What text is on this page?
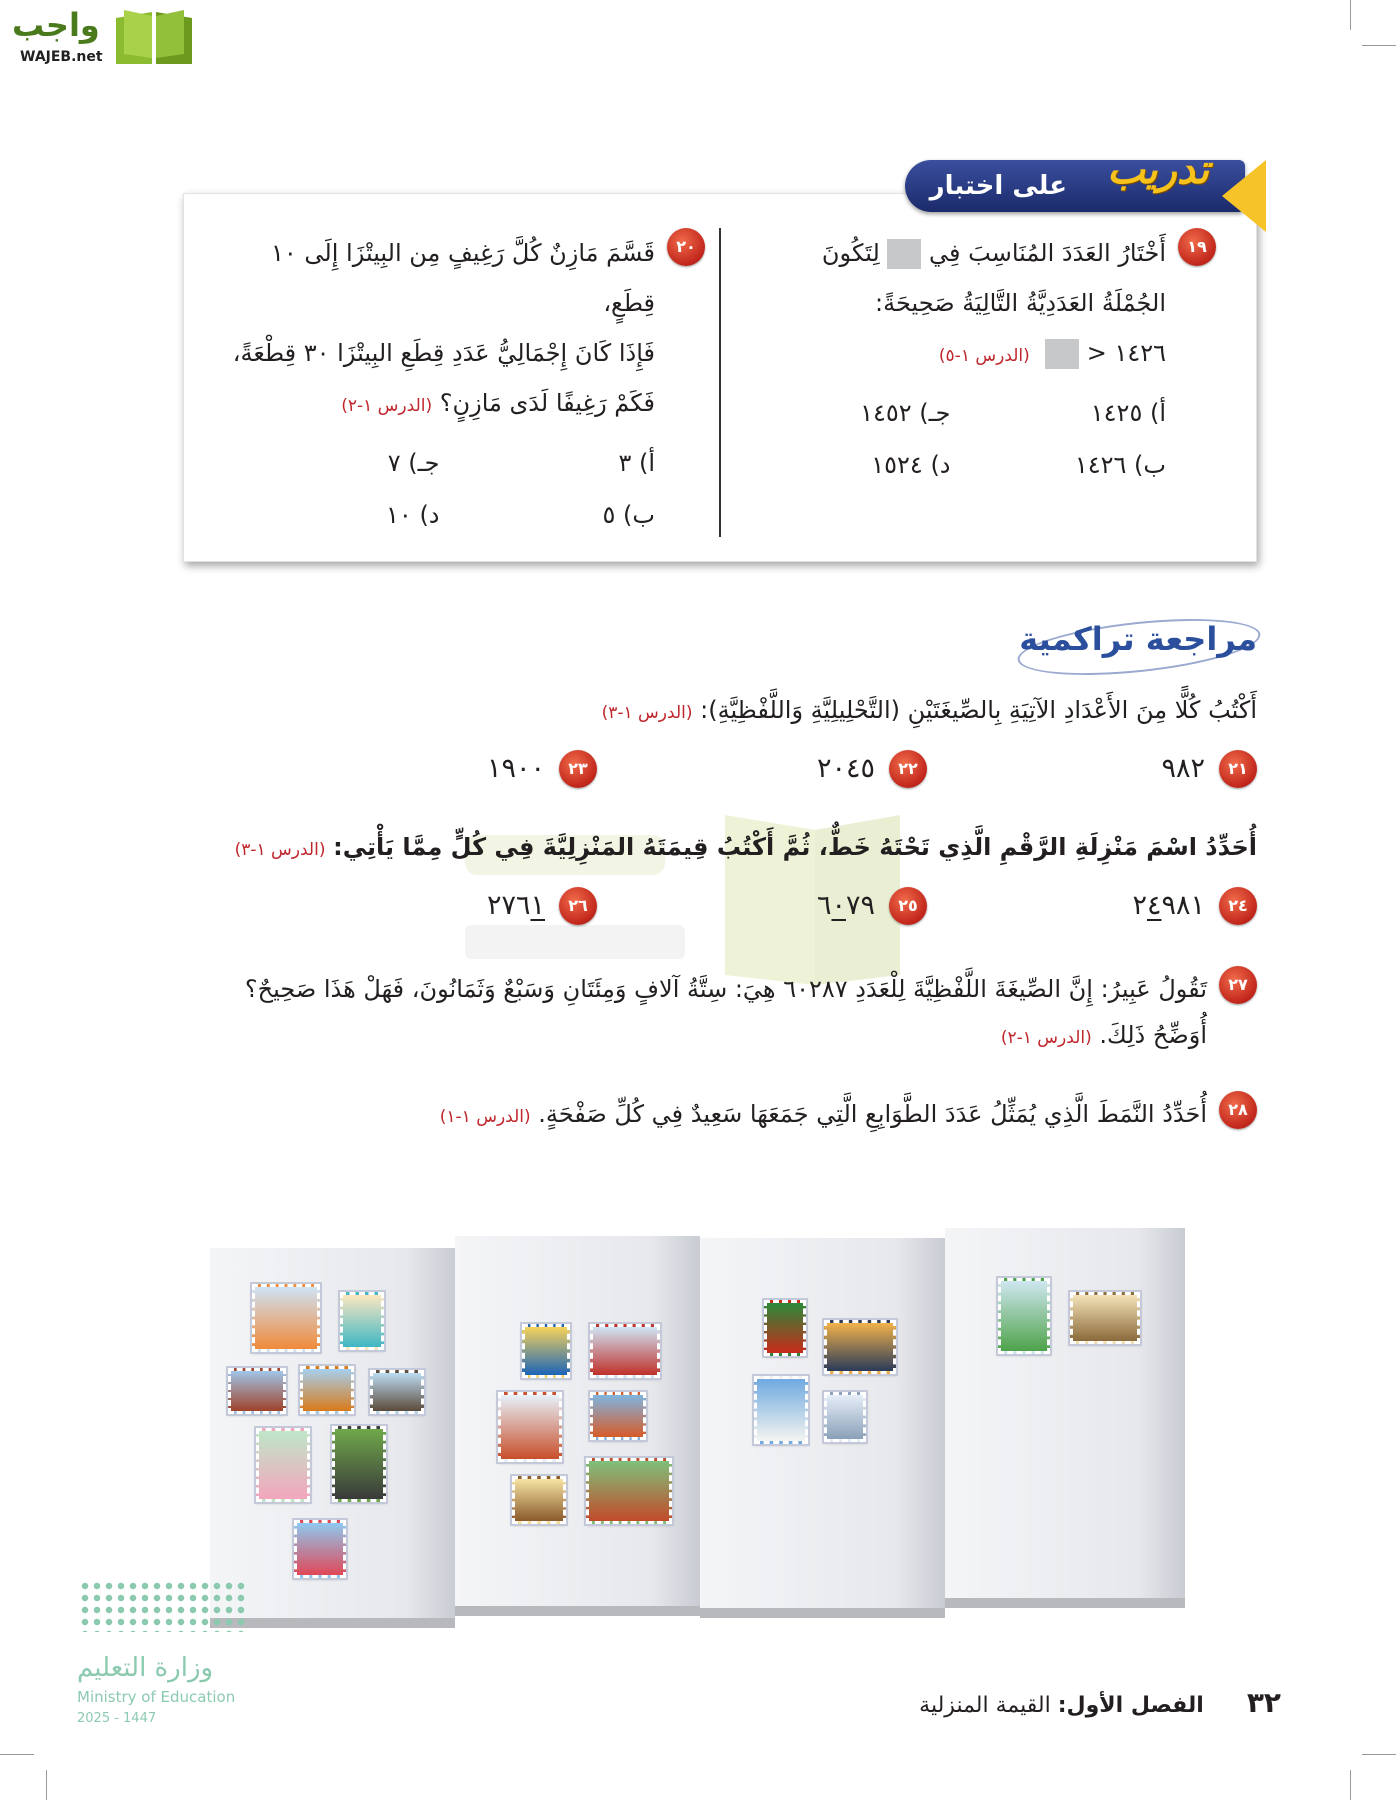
واجب
WAJEB.net
تدريب
على اختبار
١٩
أَخْتَارُ العَدَدَ المُنَاسِبَ فِي  لِتَكُونَ
الجُمْلَةُ العَدَدِيَّةُ التَّالِيَةُ صَحِيحَةً:
١٤٢٦ <   (الدرس ١-٥)
أ) ١٤٢٥
جـ) ١٤٥٢
ب) ١٤٢٦
د) ١٥٢٤
٢٠
قَسَّمَ مَازِنٌ كُلَّ رَغِيفٍ مِن البِيتْزَا إِلَى ١٠ قِطَعٍ،
فَإِذَا كَانَ إِجْمَالِيُّ عَدَدِ قِطَعِ البِيتْزَا ٣٠ قِطْعَةً،
فَكَمْ رَغِيفًا لَدَى مَازِنٍ؟ (الدرس ١-٢)
أ) ٣
جـ) ٧
ب) ٥
د) ١٠
مراجعة تراكمية
أَكْتُبُ كُلًّا مِنَ الأَعْدَادِ الآتِيَةِ بِالصِّيغَتَيْنِ (التَّحْلِيلِيَّةِ وَاللَّفْظِيَّةِ): (الدرس ١-٣)
٢١
٩٨٢
٢٢
٢٠٤٥
٢٣
١٩٠٠
أُحَدِّدُ اسْمَ مَنْزِلَةِ الرَّقْمِ الَّذِي تَحْتَهُ خَطٌّ، ثُمَّ أَكْتُبُ قِيمَتَهُ المَنْزِلِيَّةَ فِي كُلٍّ مِمَّا يَأْتِي: (الدرس ١-٣)
٢٤
٢٤٩٨١
٢٥
٦٠٧٩
٢٦
٢٧٦١
٢٧
تَقُولُ عَبِيرُ: إِنَّ الصِّيغَةَ اللَّفْظِيَّةَ لِلْعَدَدِ ٦٠٢٨٧ هِيَ: سِتَّةُ آلافٍ وَمِئَتَانِ وَسَبْعٌ وَثَمَانُونَ، فَهَلْ هَذَا صَحِيحٌ؟
أُوَضِّحُ ذَلِكَ. (الدرس ١-٢)
٢٨
أُحَدِّدُ النَّمَطَ الَّذِي يُمَثِّلُ عَدَدَ الطَّوَابِعِ الَّتِي جَمَعَهَا سَعِيدٌ فِي كُلِّ صَفْحَةٍ. (الدرس ١-١)
وزارة التعليم
Ministry of Education
2025 - 1447	٣٢ الفصل الأول: القيمة المنزلية
